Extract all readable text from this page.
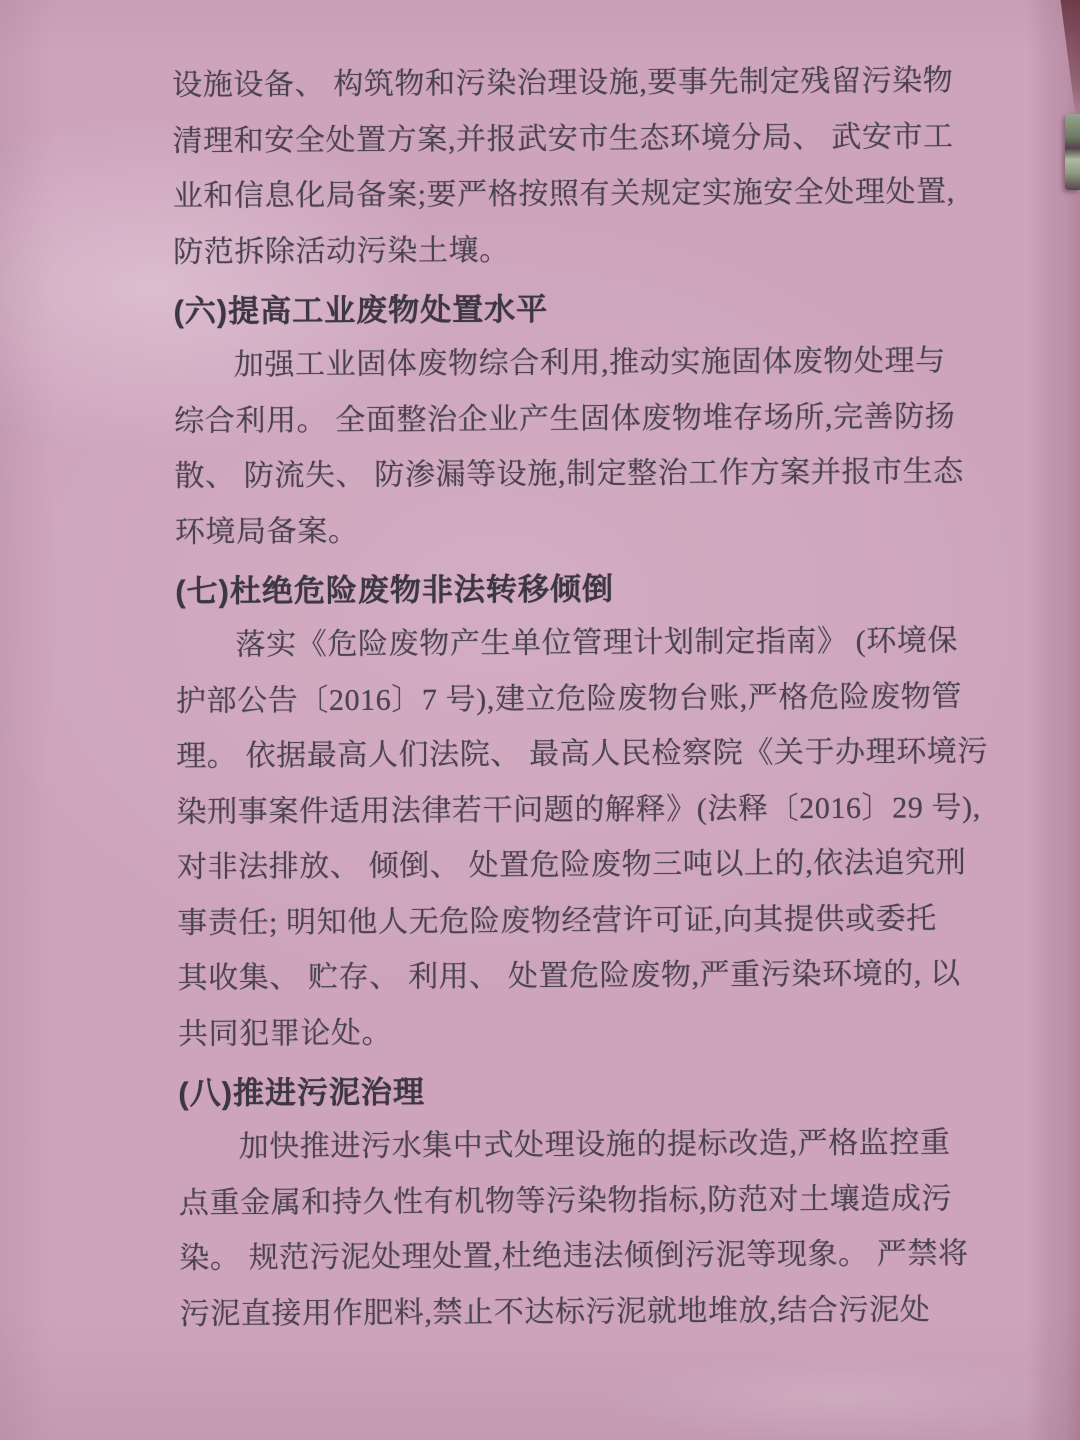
设施设备、 构筑物和污染治理设施,要事先制定残留污染物
清理和安全处置方案,并报武安市生态环境分局、 武安市工
业和信息化局备案;要严格按照有关规定实施安全处理处置,
防范拆除活动污染土壤。
(六)提高工业废物处置水平
加强工业固体废物综合利用,推动实施固体废物处理与
综合利用。 全面整治企业产生固体废物堆存场所,完善防扬
散、 防流失、 防渗漏等设施,制定整治工作方案并报市生态
环境局备案。
(七)杜绝危险废物非法转移倾倒
落实《危险废物产生单位管理计划制定指南》 (环境保
护部公告〔2016〕7 号),建立危险废物台账,严格危险废物管
理。 依据最高人们法院、 最高人民检察院《关于办理环境污
染刑事案件适用法律若干问题的解释》(法释〔2016〕29 号),
对非法排放、 倾倒、 处置危险废物三吨以上的,依法追究刑
事责任; 明知他人无危险废物经营许可证,向其提供或委托
其收集、 贮存、 利用、 处置危险废物,严重污染环境的, 以
共同犯罪论处。
(八)推进污泥治理
加快推进污水集中式处理设施的提标改造,严格监控重
点重金属和持久性有机物等污染物指标,防范对土壤造成污
染。 规范污泥处理处置,杜绝违法倾倒污泥等现象。 严禁将
污泥直接用作肥料,禁止不达标污泥就地堆放,结合污泥处
